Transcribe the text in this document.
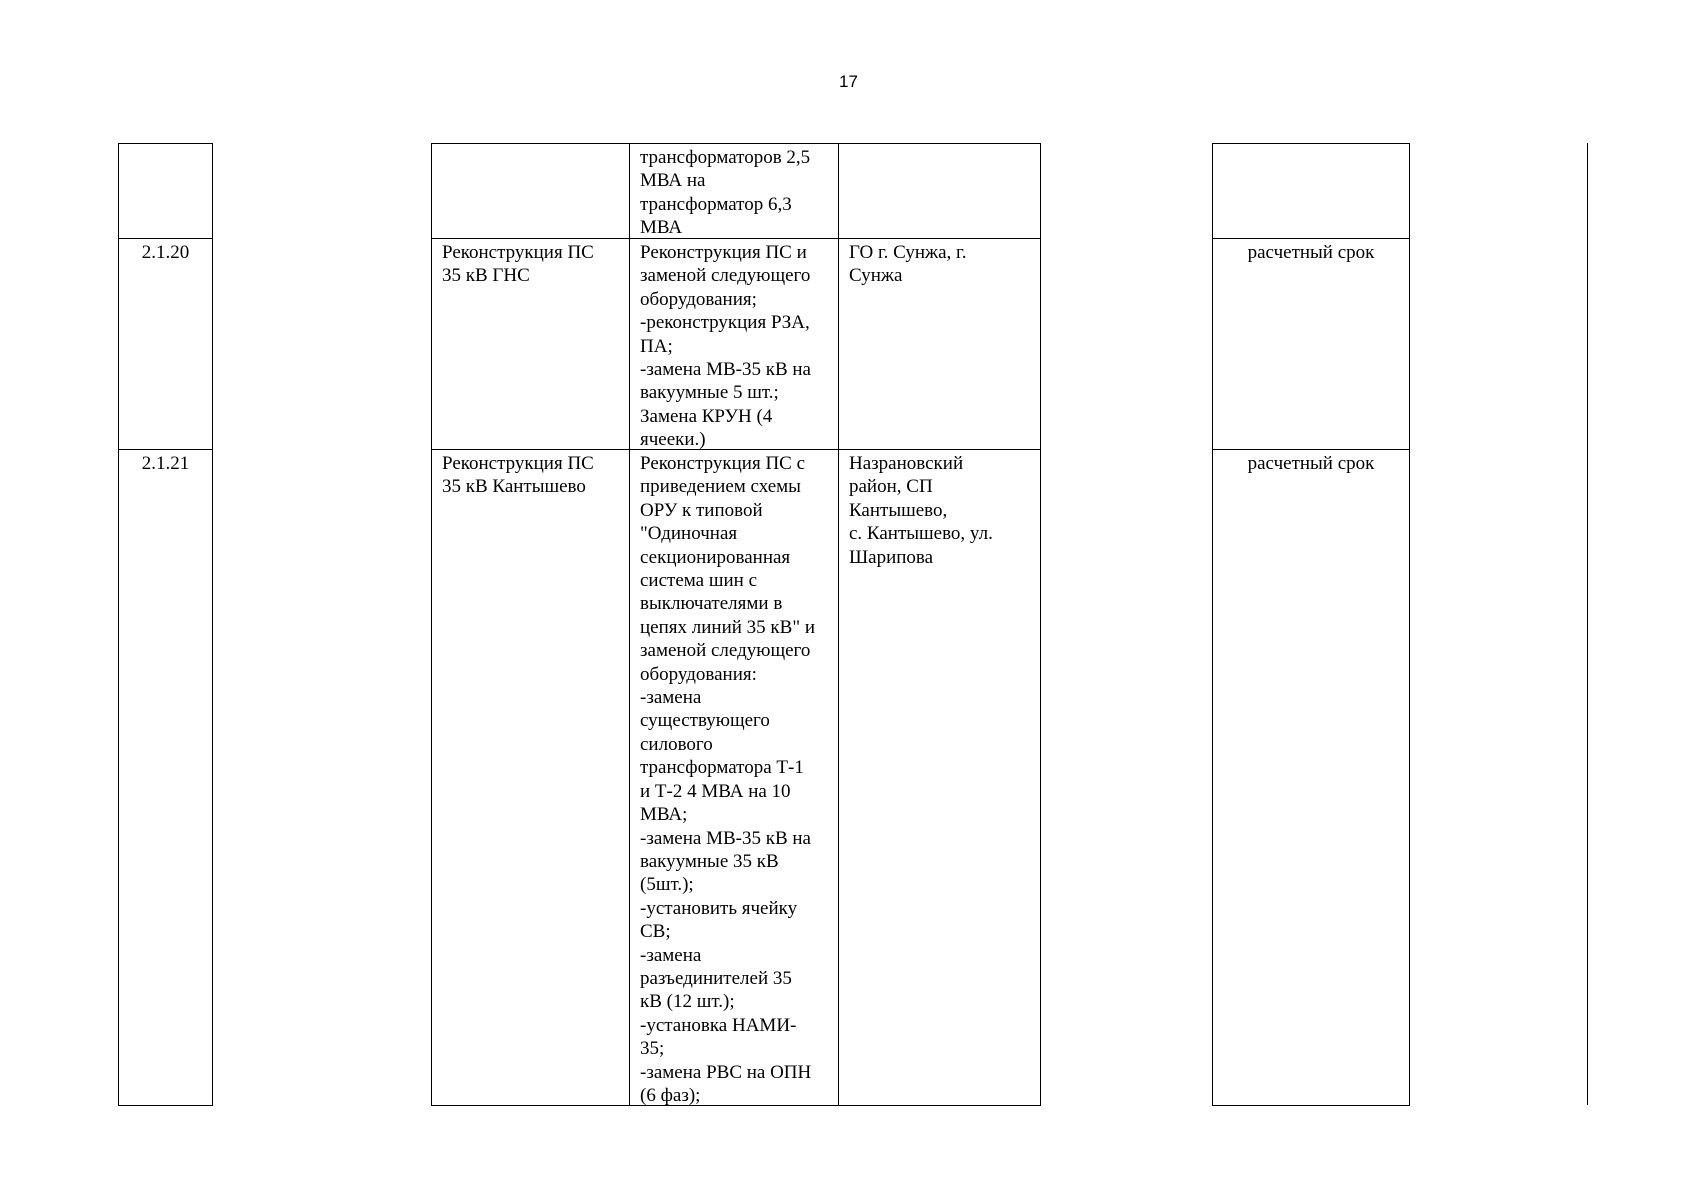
17
трансформаторов 2,5
МВА на
трансформатор 6,3
МВА
2.1.20	Реконструкция ПС
35 кВ ГНС
Реконструкция ПС и
заменой следующего
оборудования;
-реконструкция РЗА,
ПА;
-замена МВ-35 кВ на
вакуумные 5 шт.;
Замена КРУН (4
ячееки.)
ГО г. Сунжа, г.
Сунжа
расчетный срок
2.1.21	Реконструкция ПС
35 кВ Кантышево
Реконструкция ПС с
приведением схемы
ОРУ к типовой
"Одиночная
секционированная
система шин с
выключателями в
цепях линий 35 кВ" и
заменой следующего
оборудования:
-замена
существующего
силового
трансформатора Т-1
и Т-2 4 МВА на 10
МВА;
-замена МВ-35 кВ на
вакуумные 35 кВ
(5шт.);
-установить ячейку
СВ;
-замена
разъединителей 35
кВ (12 шт.);
-установка НАМИ-
35;
-замена РВС на ОПН
(6 фаз);
Назрановский
район, СП
Кантышево,
с. Кантышево, ул.
Шарипова
расчетный срок
